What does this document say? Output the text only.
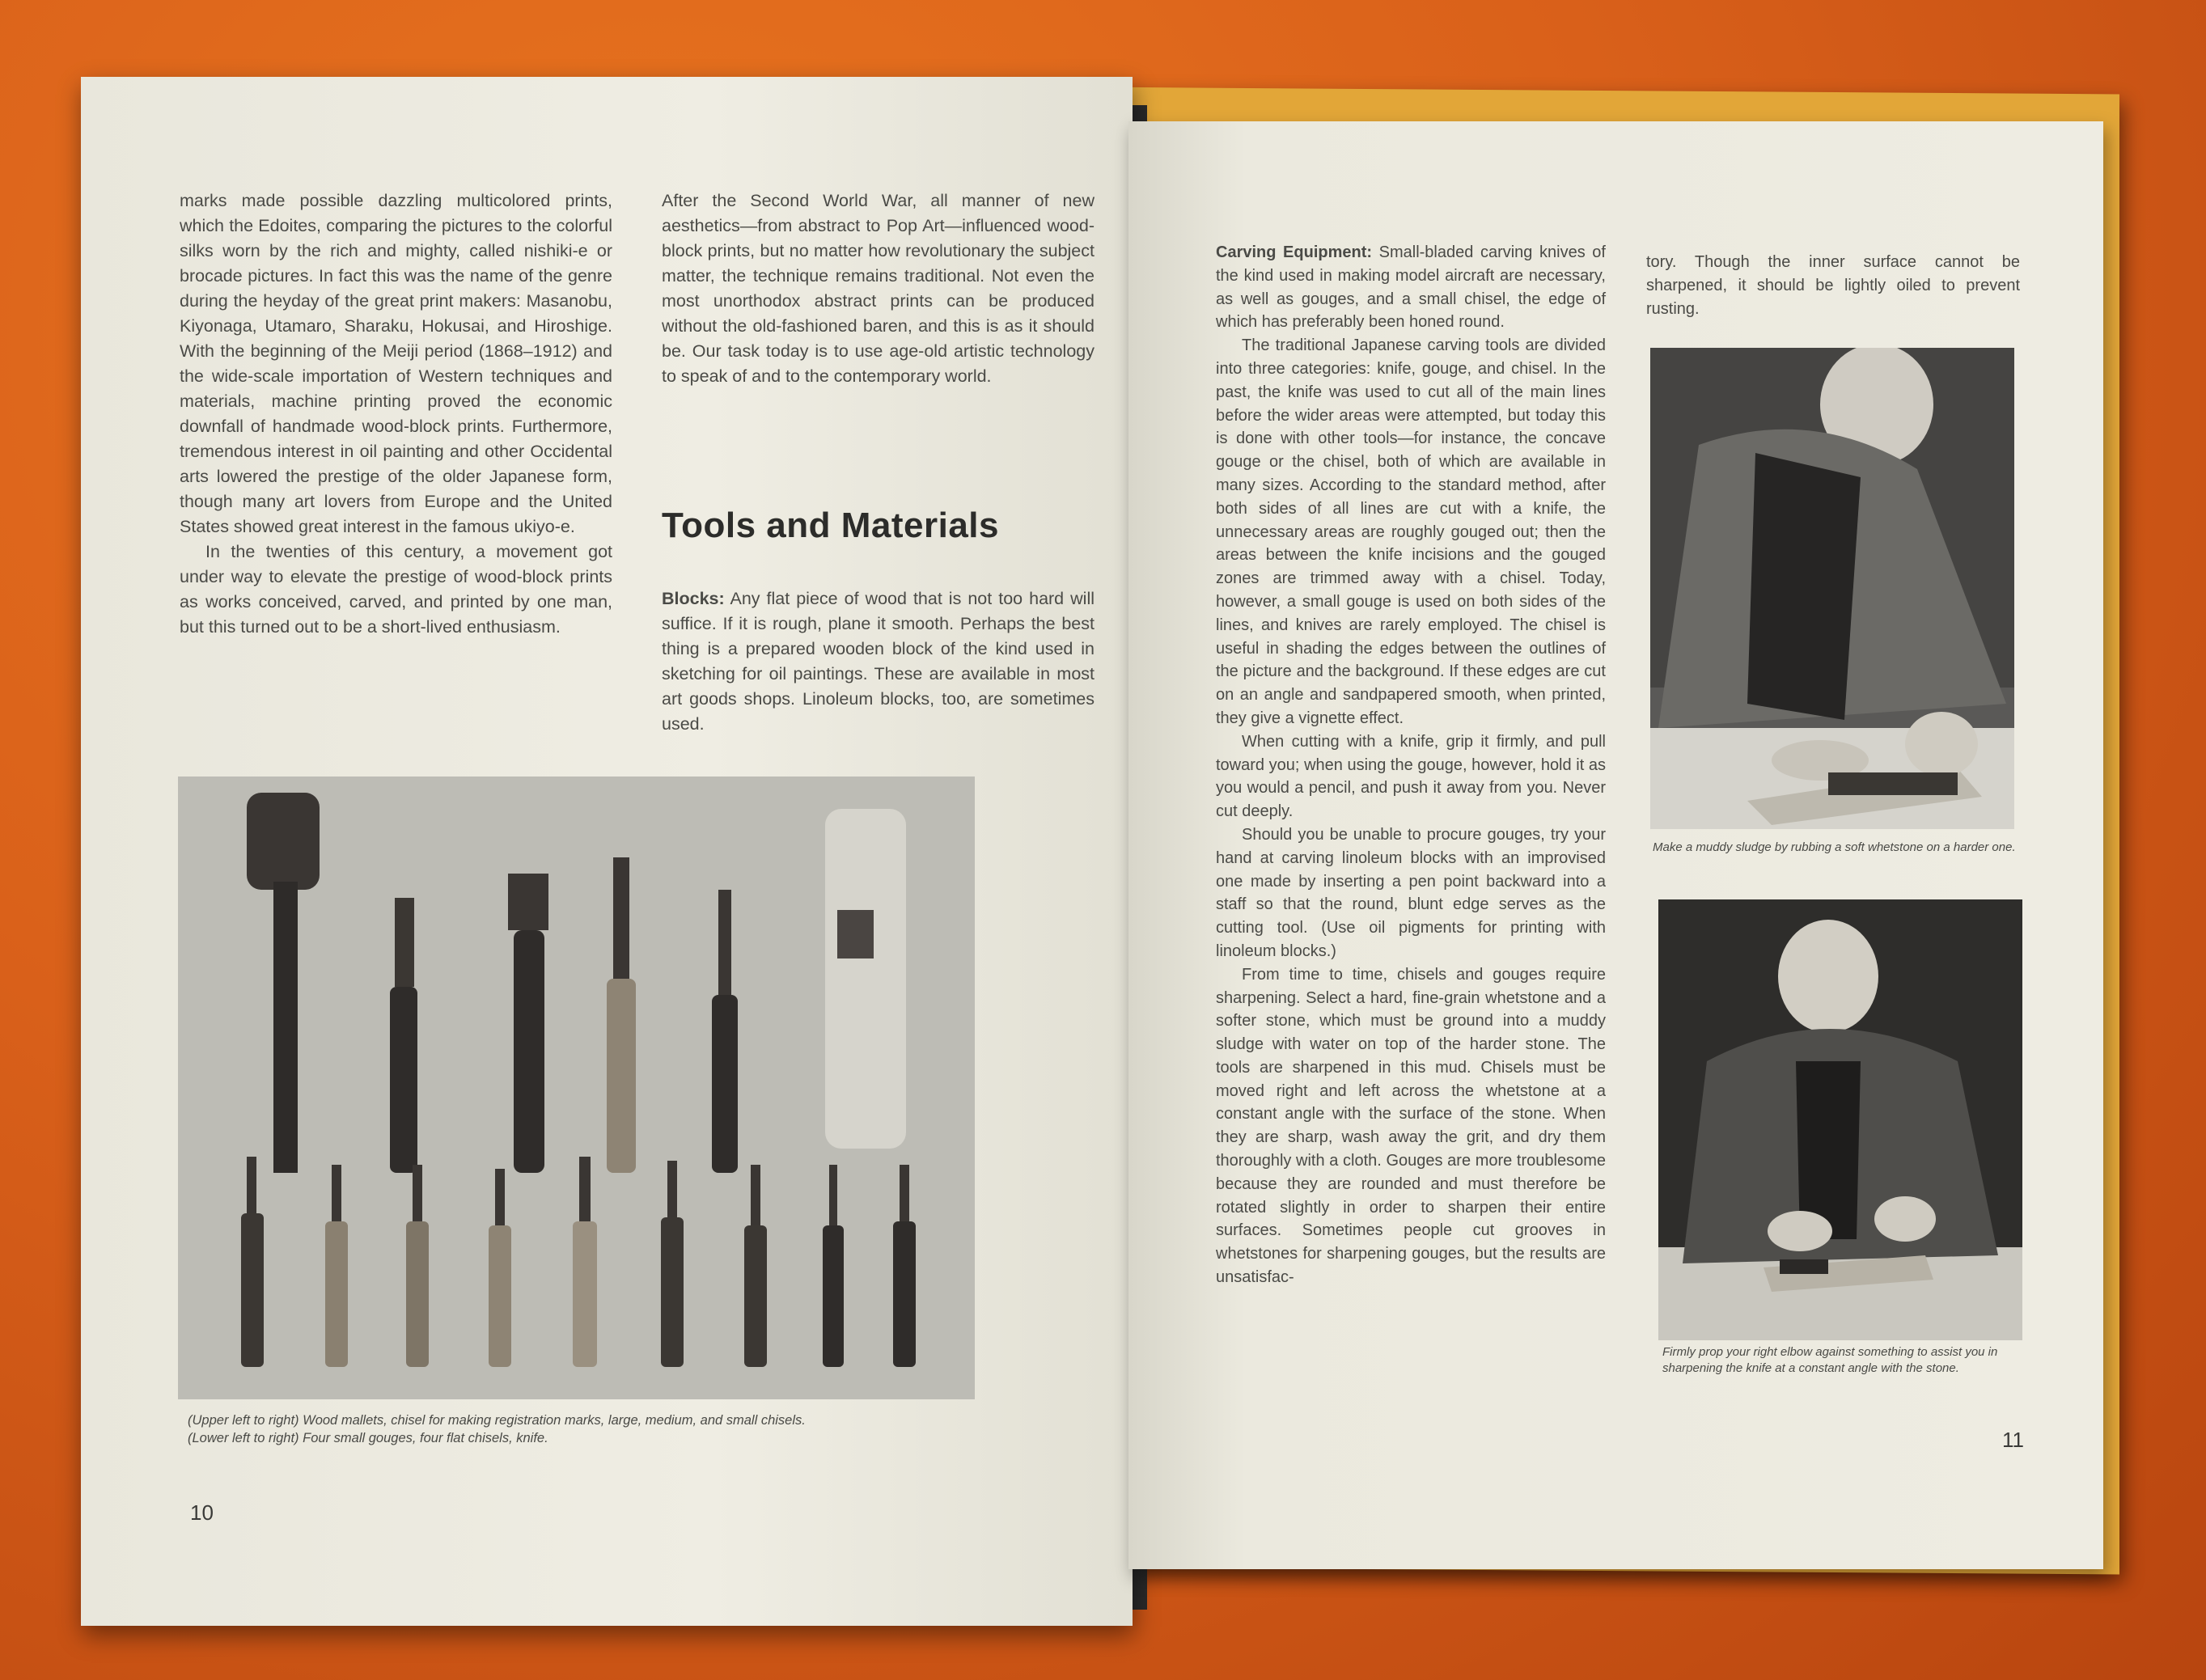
marks made possible dazzling multicolored prints, which the Edoites, comparing the pictures to the colorful silks worn by the rich and mighty, called nishiki-e or brocade pictures. In fact this was the name of the genre during the heyday of the great print makers: Masanobu, Kiyonaga, Utamaro, Sharaku, Hokusai, and Hiroshige. With the beginning of the Meiji period (1868–1912) and the wide-scale importation of Western techniques and materials, machine printing proved the economic downfall of handmade wood-block prints. Furthermore, tremendous interest in oil painting and other Occidental arts lowered the prestige of the older Japanese form, though many art lovers from Europe and the United States showed great interest in the famous ukiyo-e.

In the twenties of this century, a movement got under way to elevate the prestige of wood-block prints as works conceived, carved, and printed by one man, but this turned out to be a short-lived enthusiasm.

After the Second World War, all manner of new aesthetics—from abstract to Pop Art—influenced wood-block prints, but no matter how revolutionary the subject matter, the technique remains traditional. Not even the most unorthodox abstract prints can be produced without the old-fashioned baren, and this is as it should be. Our task today is to use age-old artistic technology to speak of and to the contemporary world.

Tools and Materials

Blocks: Any flat piece of wood that is not too hard will suffice. If it is rough, plane it smooth. Perhaps the best thing is a prepared wooden block of the kind used in sketching for oil paintings. These are available in most art goods shops. Linoleum blocks, too, are sometimes used.

(Upper left to right) Wood mallets, chisel for making registration marks, large, medium, and small chisels. (Lower left to right) Four small gouges, four flat chisels, knife.

10

Carving Equipment: Small-bladed carving knives of the kind used in making model aircraft are necessary, as well as gouges, and a small chisel, the edge of which has preferably been honed round.

The traditional Japanese carving tools are divided into three categories: knife, gouge, and chisel. In the past, the knife was used to cut all of the main lines before the wider areas were attempted, but today this is done with other tools—for instance, the concave gouge or the chisel, both of which are available in many sizes. According to the standard method, after both sides of all lines are cut with a knife, the unnecessary areas are roughly gouged out; then the areas between the knife incisions and the gouged zones are trimmed away with a chisel. Today, however, a small gouge is used on both sides of the lines, and knives are rarely employed. The chisel is useful in shading the edges between the outlines of the picture and the background. If these edges are cut on an angle and sandpapered smooth, when printed, they give a vignette effect.

When cutting with a knife, grip it firmly, and pull toward you; when using the gouge, however, hold it as you would a pencil, and push it away from you. Never cut deeply.

Should you be unable to procure gouges, try your hand at carving linoleum blocks with an improvised one made by inserting a pen point backward into a staff so that the round, blunt edge serves as the cutting tool. (Use oil pigments for printing with linoleum blocks.)

From time to time, chisels and gouges require sharpening. Select a hard, fine-grain whetstone and a softer stone, which must be ground into a muddy sludge with water on top of the harder stone. The tools are sharpened in this mud. Chisels must be moved right and left across the whetstone at a constant angle with the surface of the stone. When they are sharp, wash away the grit, and dry them thoroughly with a cloth. Gouges are more troublesome because they are rounded and must therefore be rotated slightly in order to sharpen their entire surfaces. Sometimes people cut grooves in whetstones for sharpening gouges, but the results are unsatisfac-

tory. Though the inner surface cannot be sharpened, it should be lightly oiled to prevent rusting.

Make a muddy sludge by rubbing a soft whetstone on a harder one.

Firmly prop your right elbow against something to assist you in sharpening the knife at a constant angle with the stone.

11
